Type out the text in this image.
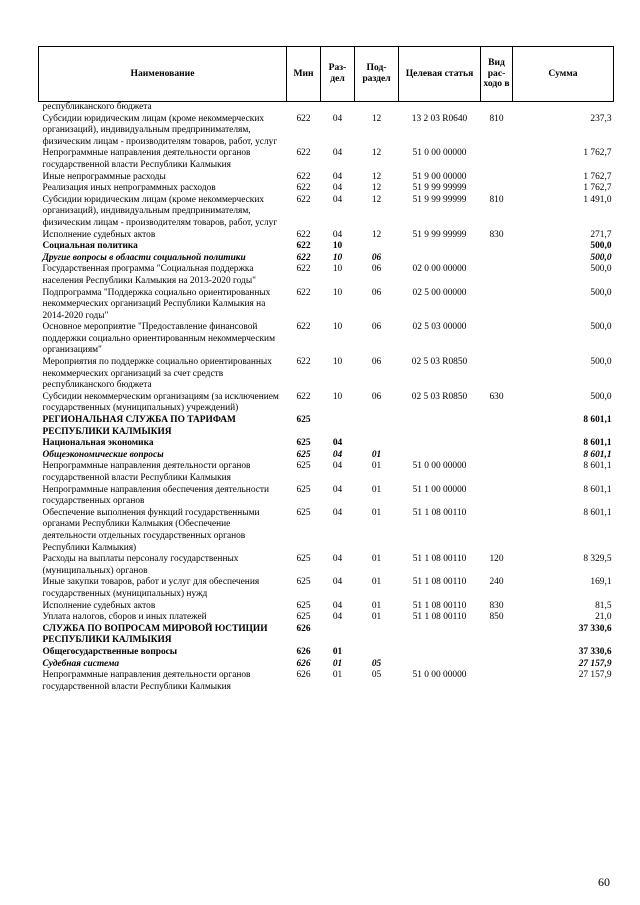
Наименование	Мин	Раз-дел	Под-раздел	Целевая статья	Вид рас-ходо в	Сумма
республиканского бюджета						
Субсидии юридическим лицам (кроме некоммерческих организаций), индивидуальным предпринимателям, физическим лицам - производителям товаров, работ, услуг	622	04	12	13 2 03 R0640	810	237,3
Непрограммные направления деятельности органов государственной власти Республики Калмыкия	622	04	12	51 0 00 00000		1 762,7
Иные непрограммные расходы	622	04	12	51 9 00 00000		1 762,7
Реализация иных непрограммных расходов	622	04	12	51 9 99 99999		1 762,7
Субсидии юридическим лицам (кроме некоммерческих организаций), индивидуальным предпринимателям, физическим лицам - производителям товаров, работ, услуг	622	04	12	51 9 99 99999	810	1 491,0
Исполнение судебных актов	622	04	12	51 9 99 99999	830	271,7
Социальная политика	622	10				500,0
Другие вопросы в области социальной политики	622	10	06			500,0
Государственная программа "Социальная поддержка населения Республики Калмыкия на 2013-2020 годы"	622	10	06	02 0 00 00000		500,0
Подпрограмма "Поддержка социально ориентированных некоммерческих организаций Республики Калмыкия на 2014-2020 годы"	622	10	06	02 5 00 00000		500,0
Основное мероприятие "Предоставление финансовой поддержки социально ориентированным некоммерческим организациям"	622	10	06	02 5 03 00000		500,0
Мероприятия по поддержке социально ориентированных некоммерческих организаций за счет средств республиканского бюджета	622	10	06	02 5 03 R0850		500,0
Субсидии некоммерческим организациям (за исключением государственных (муниципальных) учреждений)	622	10	06	02 5 03 R0850	630	500,0
РЕГИОНАЛЬНАЯ СЛУЖБА ПО ТАРИФАМ РЕСПУБЛИКИ КАЛМЫКИЯ	625					8 601,1
Национальная экономика	625	04				8 601,1
Общеэкономические вопросы	625	04	01			8 601,1
Непрограммные направления деятельности органов государственной власти Республики Калмыкия	625	04	01	51 0 00 00000		8 601,1
Непрограммные направления обеспечения деятельности государственных органов	625	04	01	51 1 00 00000		8 601,1
Обеспечение выполнения функций государственными органами Республики Калмыкия (Обеспечение деятельности отдельных государственных органов Республики Калмыкия)	625	04	01	51 1 08 00110		8 601,1
Расходы на выплаты персоналу государственных (муниципальных) органов	625	04	01	51 1 08 00110	120	8 329,5
Иные закупки товаров, работ и услуг для обеспечения государственных (муниципальных) нужд	625	04	01	51 1 08 00110	240	169,1
Исполнение судебных актов	625	04	01	51 1 08 00110	830	81,5
Уплата налогов, сборов и иных платежей	625	04	01	51 1 08 00110	850	21,0
СЛУЖБА ПО ВОПРОСАМ МИРОВОЙ ЮСТИЦИИ РЕСПУБЛИКИ КАЛМЫКИЯ	626					37 330,6
Общегосударственные вопросы	626	01				37 330,6
Судебная система	626	01	05			27 157,9
Непрограммные направления деятельности органов государственной власти Республики Калмыкия	626	01	05	51 0 00 00000		27 157,9
60
